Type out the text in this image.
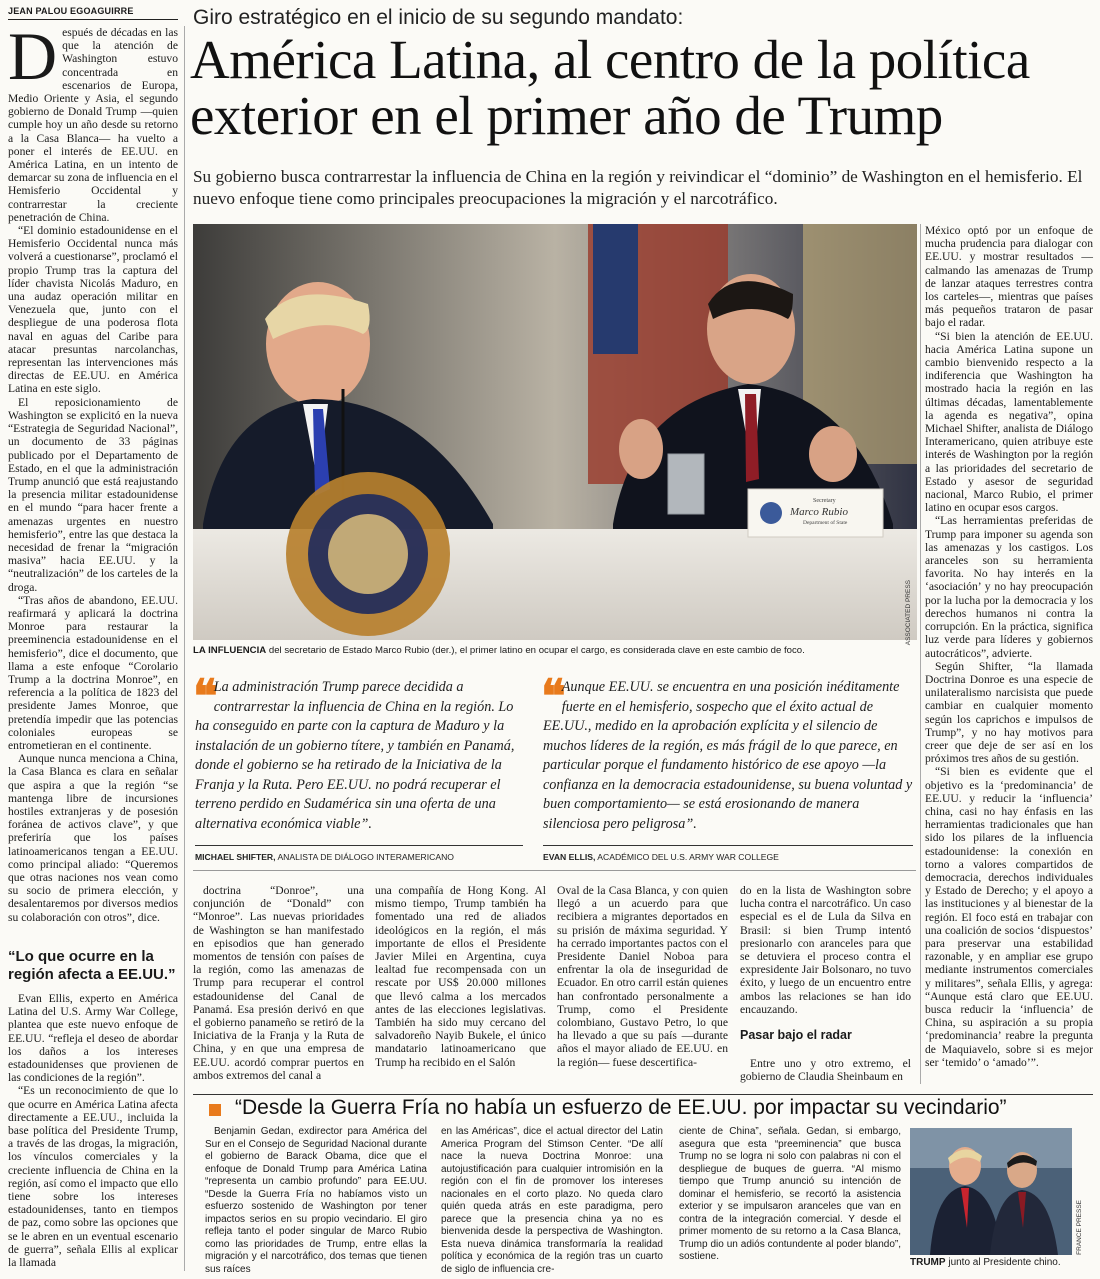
JEAN PALOU EGOAGUIRRE

Después de décadas en las que la atención de Washington estuvo concentrada en escenarios de Europa, Medio Oriente y Asia, el segundo gobierno de Donald Trump —quien cumple hoy un año desde su retorno a la Casa Blanca— ha vuelto a poner el interés de EE.UU. en América Latina, en un intento de demarcar su zona de influencia en el Hemisferio Occidental y contrarrestar la creciente penetración de China.

“El dominio estadounidense en el Hemisferio Occidental nunca más volverá a cuestionarse”, proclamó el propio Trump tras la captura del líder chavista Nicolás Maduro, en una audaz operación militar en Venezuela que, junto con el despliegue de una poderosa flota naval en aguas del Caribe para atacar presuntas narcolanchas, representan las intervenciones más directas de EE.UU. en América Latina en este siglo.

El reposicionamiento de Washington se explicitó en la nueva “Estrategia de Seguridad Nacional”, un documento de 33 páginas publicado por el Departamento de Estado, en el que la administración Trump anunció que está reajustando la presencia militar estadounidense en el mundo “para hacer frente a amenazas urgentes en nuestro hemisferio”, entre las que destaca la necesidad de frenar la “migración masiva” hacia EE.UU. y la “neutralización” de los carteles de la droga.

“Tras años de abandono, EE.UU. reafirmará y aplicará la doctrina Monroe para restaurar la preeminencia estadounidense en el hemisferio”, dice el documento, que llama a este enfoque “Corolario Trump a la doctrina Monroe”, en referencia a la política de 1823 del presidente James Monroe, que pretendía impedir que las potencias coloniales europeas se entrometieran en el continente.

Aunque nunca menciona a China, la Casa Blanca es clara en señalar que aspira a que la región “se mantenga libre de incursiones hostiles extranjeras y de posesión foránea de activos clave”, y que preferiría que los países latinoamericanos tengan a EE.UU. como principal aliado: “Queremos que otras naciones nos vean como su socio de primera elección, y desalentaremos por diversos medios su colaboración con otros”, dice.

“Lo que ocurre en la región afecta a EE.UU.”

Evan Ellis, experto en América Latina del U.S. Army War College, plantea que este nuevo enfoque de EE.UU. “refleja el deseo de abordar los daños a los intereses estadounidenses que provienen de las condiciones de la región”.

“Es un reconocimiento de que lo que ocurre en América Latina afecta directamente a EE.UU., incluida la base política del Presidente Trump, a través de las drogas, la migración, los vínculos comerciales y la creciente influencia de China en la región, así como el impacto que ello tiene sobre los intereses estadounidenses, tanto en tiempos de paz, como sobre las opciones que se le abren en un eventual escenario de guerra”, señala Ellis al explicar la llamada

Giro estratégico en el inicio de su segundo mandato:
América Latina, al centro de la política exterior en el primer año de Trump
Su gobierno busca contrarrestar la influencia de China en la región y reivindicar el “dominio” de Washington en el hemisferio. El nuevo enfoque tiene como principales preocupaciones la migración y el narcotráfico.
Secretary
Marco Rubio
Department of State
ASSOCIATED PRESS
LA INFLUENCIA del secretario de Estado Marco Rubio (der.), el primer latino en ocupar el cargo, es considerada clave en este cambio de foco.

México optó por un enfoque de mucha prudencia para dialogar con EE.UU. y mostrar resultados —calmando las amenazas de Trump de lanzar ataques terrestres contra los carteles—, mientras que países más pequeños trataron de pasar bajo el radar.

“Si bien la atención de EE.UU. hacia América Latina supone un cambio bienvenido respecto a la indiferencia que Washington ha mostrado hacia la región en las últimas décadas, lamentablemente la agenda es negativa”, opina Michael Shifter, analista de Diálogo Interamericano, quien atribuye este interés de Washington por la región a las prioridades del secretario de Estado y asesor de seguridad nacional, Marco Rubio, el primer latino en ocupar esos cargos.

“Las herramientas preferidas de Trump para imponer su agenda son las amenazas y los castigos. Los aranceles son su herramienta favorita. No hay interés en la ‘asociación’ y no hay preocupación por la lucha por la democracia y los derechos humanos ni contra la corrupción. En la práctica, significa luz verde para líderes y gobiernos autocráticos”, advierte.

Según Shifter, “la llamada Doctrina Donroe es una especie de unilateralismo narcisista que puede cambiar en cualquier momento según los caprichos e impulsos de Trump”, y no hay motivos para creer que deje de ser así en los próximos tres años de su gestión.

“Si bien es evidente que el objetivo es la ‘predominancia’ de EE.UU. y reducir la ‘influencia’ china, casi no hay énfasis en las herramientas tradicionales que han sido los pilares de la influencia estadounidense: la conexión en torno a valores compartidos de democracia, derechos individuales y Estado de Derecho; y el apoyo a las instituciones y al bienestar de la región. El foco está en trabajar con una coalición de socios ‘dispuestos’ para preservar una estabilidad razonable, y en ampliar ese grupo mediante instrumentos comerciales y militares”, señala Ellis, y agrega: “Aunque está claro que EE.UU. busca reducir la ‘influencia’ de China, su aspiración a su propia ‘predominancia’ reabre la pregunta de Maquiavelo, sobre si es mejor ser ‘temido’ o ‘amado’”.

❝ La administración Trump parece decidida a contrarrestar la influencia de China en la región. Lo ha conseguido en parte con la captura de Maduro y la instalación de un gobierno títere, y también en Panamá, donde el gobierno se ha retirado de la Iniciativa de la Franja y la Ruta. Pero EE.UU. no podrá recuperar el terreno perdido en Sudamérica sin una oferta de una alternativa económica viable”.
MICHAEL SHIFTER, ANALISTA DE DIÁLOGO INTERAMERICANO
❝ Aunque EE.UU. se encuentra en una posición inéditamente fuerte en el hemisferio, sospecho que el éxito actual de EE.UU., medido en la aprobación explícita y el silencio de muchos líderes de la región, es más frágil de lo que parece, en particular porque el fundamento histórico de ese apoyo —la confianza en la democracia estadounidense, su buena voluntad y buen comportamiento— se está erosionando de manera silenciosa pero peligrosa”.
EVAN ELLIS, ACADÉMICO DEL U.S. ARMY WAR COLLEGE
doctrina “Donroe”, una conjunción de “Donald” con “Monroe”. Las nuevas prioridades de Washington se han manifestado en episodios que han generado momentos de tensión con países de la región, como las amenazas de Trump para recuperar el control estadounidense del Canal de Panamá. Esa presión derivó en que el gobierno panameño se retiró de la Iniciativa de la Franja y la Ruta de China, y en que una empresa de EE.UU. acordó comprar puertos en ambos extremos del canal a
una compañía de Hong Kong. Al mismo tiempo, Trump también ha fomentado una red de aliados ideológicos en la región, el más importante de ellos el Presidente Javier Milei en Argentina, cuya lealtad fue recompensada con un rescate por US$ 20.000 millones que llevó calma a los mercados antes de las elecciones legislativas. También ha sido muy cercano del salvadoreño Nayib Bukele, el único mandatario latinoamericano que Trump ha recibido en el Salón
Oval de la Casa Blanca, y con quien llegó a un acuerdo para que recibiera a migrantes deportados en su prisión de máxima seguridad. Y ha cerrado importantes pactos con el Presidente Daniel Noboa para enfrentar la ola de inseguridad de Ecuador. En otro carril están quienes han confrontado personalmente a Trump, como el Presidente colombiano, Gustavo Petro, lo que ha llevado a que su país —durante años el mayor aliado de EE.UU. en la región— fuese descertifica-
do en la lista de Washington sobre lucha contra el narcotráfico. Un caso especial es el de Lula da Silva en Brasil: si bien Trump intentó presionarlo con aranceles para que se detuviera el proceso contra el expresidente Jair Bolsonaro, no tuvo éxito, y luego de un encuentro entre ambos las relaciones se han ido encauzando.
Pasar bajo el radar
Entre uno y otro extremo, el gobierno de Claudia Sheinbaum en
“Desde la Guerra Fría no había un esfuerzo de EE.UU. por impactar su vecindario”
Benjamin Gedan, exdirector para América del Sur en el Consejo de Seguridad Nacional durante el gobierno de Barack Obama, dice que el enfoque de Donald Trump para América Latina “representa un cambio profundo” para EE.UU. “Desde la Guerra Fría no habíamos visto un esfuerzo sostenido de Washington por tener impactos serios en su propio vecindario. El giro refleja tanto el poder singular de Marco Rubio como las prioridades de Trump, entre ellas la migración y el narcotráfico, dos temas que tienen sus raíces
en las Américas”, dice el actual director del Latin America Program del Stimson Center. “De allí nace la nueva Doctrina Monroe: una autojustificación para cualquier intromisión en la región con el fin de promover los intereses nacionales en el corto plazo. No queda claro quién queda atrás en este paradigma, pero parece que la presencia china ya no es bienvenida desde la perspectiva de Washington. Esta nueva dinámica transformaría la realidad política y económica de la región tras un cuarto de siglo de influencia cre-
ciente de China”, señala. Gedan, si embargo, asegura que esta “preeminencia” que busca Trump no se logra ni solo con palabras ni con el despliegue de buques de guerra. “Al mismo tiempo que Trump anunció su intención de dominar el hemisferio, se recortó la asistencia exterior y se impulsaron aranceles que van en contra de la integración comercial. Y desde el primer momento de su retorno a la Casa Blanca, Trump dio un adiós contundente al poder blando”, sostiene.
FRANCE PRESSE
TRUMP junto al Presidente chino.
